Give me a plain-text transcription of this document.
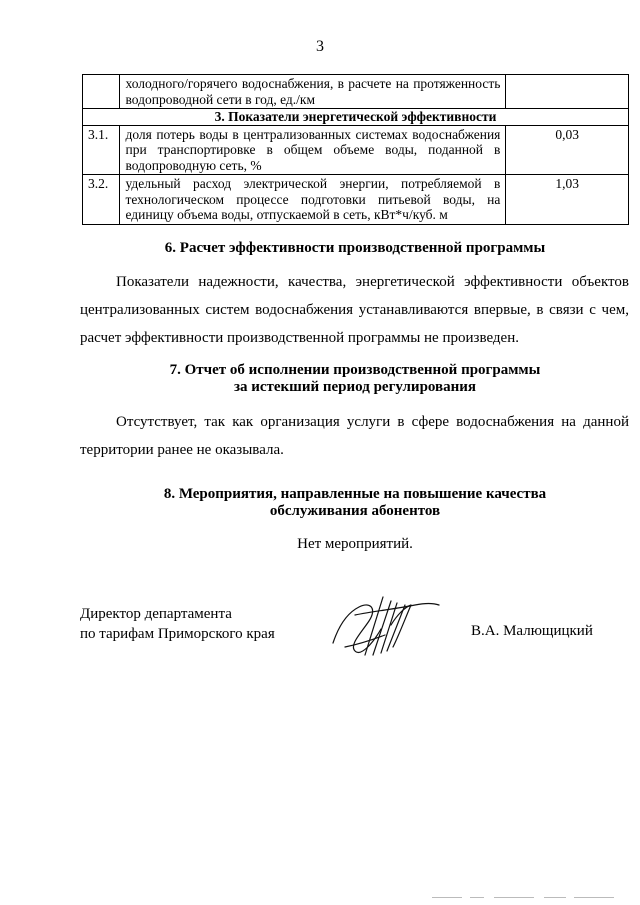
3
	холодного/горячего водоснабжения, в расчете на протяженность водопроводной сети в год, ед./км	
3. Показатели энергетической эффективности		
3.1.	доля потерь воды в централизованных системах водоснабжения при транспортировке в общем объеме воды, поданной в водопроводную сеть, %	0,03
3.2.	удельный расход электрической энергии, потребляемой в технологическом процессе подготовки питьевой воды, на единицу объема воды, отпускаемой в сеть, кВт*ч/куб. м	1,03
6. Расчет эффективности производственной программы
Показатели надежности, качества, энергетической эффективности объектов централизованных систем водоснабжения устанавливаются впервые, в связи с чем, расчет эффективности производственной программы не произведен.
7. Отчет об исполнении производственной программы
за истекший период регулирования
Отсутствует, так как организация услуги в сфере водоснабжения на данной территории ранее не оказывала.
8. Мероприятия, направленные на повышение качества
обслуживания абонентов
Нет мероприятий.
Директор департамента
по тарифам Приморского края	В.А. Малющицкий
